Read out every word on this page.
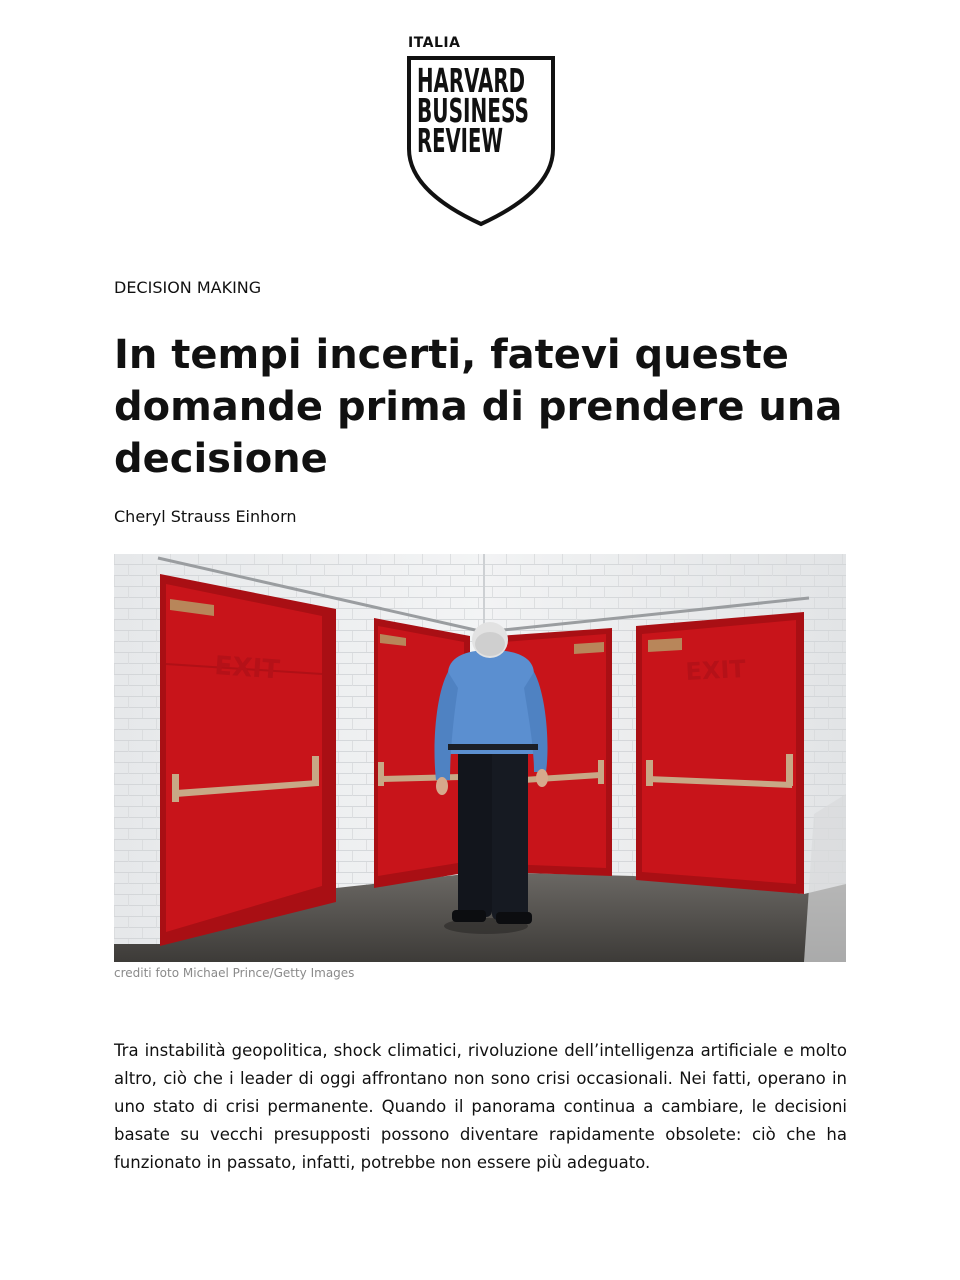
ITALIA

HARVARD
BUSINESS
REVIEW

DECISION MAKING

In tempi incerti, fatevi queste domande prima di prendere una decisione

Cheryl Strauss Einhorn

EXIT	EXIT

crediti foto Michael Prince/Getty Images

Tra instabilità geopolitica, shock climatici, rivoluzione dell’intelligenza artificiale e molto altro, ciò che i leader di oggi affrontano non sono crisi occasionali. Nei fatti, operano in uno stato di crisi permanente. Quando il panorama continua a cambiare, le decisioni basate su vecchi presupposti possono diventare rapidamente obsolete: ciò che ha funzionato in passato, infatti, potrebbe non essere più adeguato.
